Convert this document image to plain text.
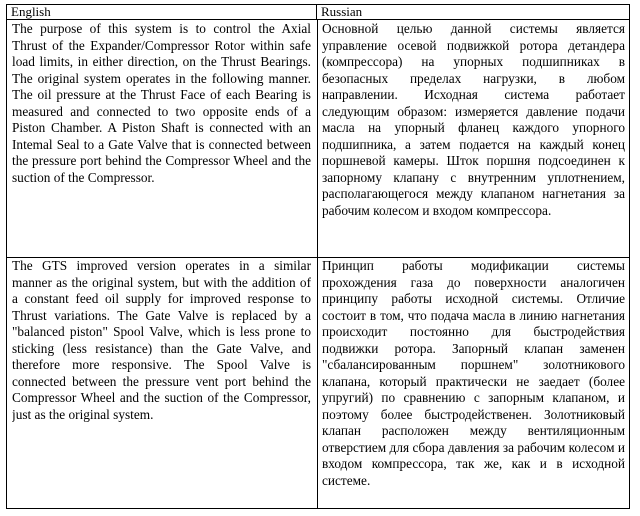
English	Russian
The purpose of this system is to control the Axial Thrust of the Expander/Compressor Rotor within safe load limits, in either direction, on the Thrust Bearings. The original system operates in the following manner. The oil pressure at the Thrust Face of each Bearing is measured and connected to two opposite ends of a Piston Chamber. A Piston Shaft is connected with an Intemal Seal to a Gate Valve that is connected between the pressure port behind the Compressor Wheel and the suction of the Compressor.
Основной целью данной системы является управление осевой подвижкой ротора детандера (компрессора) на упорных подшипниках в безопасных пределах нагрузки, в любом направлении. Исходная система работает следующим образом: измеряется давление подачи масла на упорный фланец каждого упорного подшипника, а затем подается на каждый конец поршневой камеры. Шток поршня подсоединен к запорному клапану с внутренним уплотнением, располагающегося между клапаном нагнетания за рабочим колесом и входом компрессора.
The GTS improved version operates in a similar manner as the original system, but with the addition of a constant feed oil supply for improved response to Thrust variations. The Gate Valve is replaced by a "balanced piston" Spool Valve, which is less prone to sticking (less resistance) than the Gate Valve, and therefore more responsive. The Spool Valve is connected between the pressure vent port behind the Compressor Wheel and the suction of the Compressor, just as the original system.
Принцип работы модификации системы прохождения газа до поверхности аналогичен принципу работы исходной системы. Отличие состоит в том, что подача масла в линию нагнетания происходит постоянно для быстродействия подвижки ротора. Запорный клапан заменен "сбалансированным поршнем" золотникового клапана, который практически не заедает (более упругий) по сравнению с запорным клапаном, и поэтому более быстродейственен. Золотниковый клапан расположен между вентиляционным отверстием для сбора давления за рабочим колесом и входом компрессора, так же, как и в исходной системе.
